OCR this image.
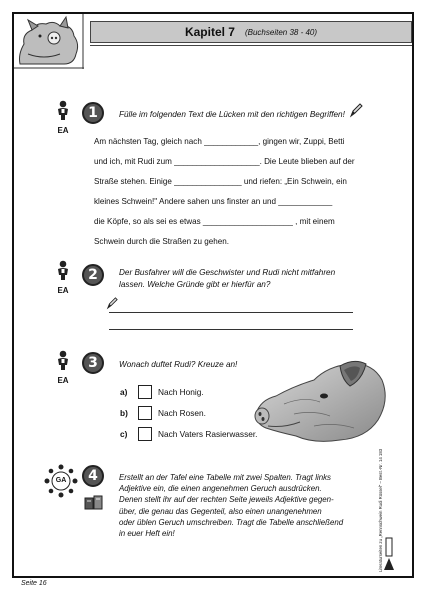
Kapitel 7 (Buchseiten 38 - 40)
EA
1	Fülle im folgenden Text die Lücken mit den richtigen Begriffen!
Am nächsten Tag, gleich nach ____________, gingen wir, Zuppi, Betti
und ich, mit Rudi zum ___________________. Die Leute blieben auf der
Straße stehen. Einige _______________ und riefen: „Ein Schwein, ein
kleines Schwein!" Andere sahen uns finster an und ____________
die Köpfe, so als sei es etwas ____________________ , mit einem
Schwein durch die Straßen zu gehen.
EA
2	Der Busfahrer will die Geschwister und Rudi nicht mitfahren
lassen. Welche Gründe gibt er hierfür an?
EA
3	Wonach duftet Rudi? Kreuze an!
a)	Nach Honig.
b)	Nach Rosen.
c)	Nach Vaters Rasierwasser.
GA	4	Erstellt an der Tafel eine Tabelle mit zwei Spalten. Tragt links
Adjektive ein, die einen angenehmen Geruch ausdrücken.
Denen stellt ihr auf der rechten Seite jeweils Adjektive gegen-
über, die genau das Gegenteil, also einen unangenehmen
oder üblen Geruch umschreiben. Tragt die Tabelle anschließend
in euer Heft ein!	Literaturseiten zu „Rennschwein Rudi Rüssel" – Best.-Nr. 14 183
Seite 16
